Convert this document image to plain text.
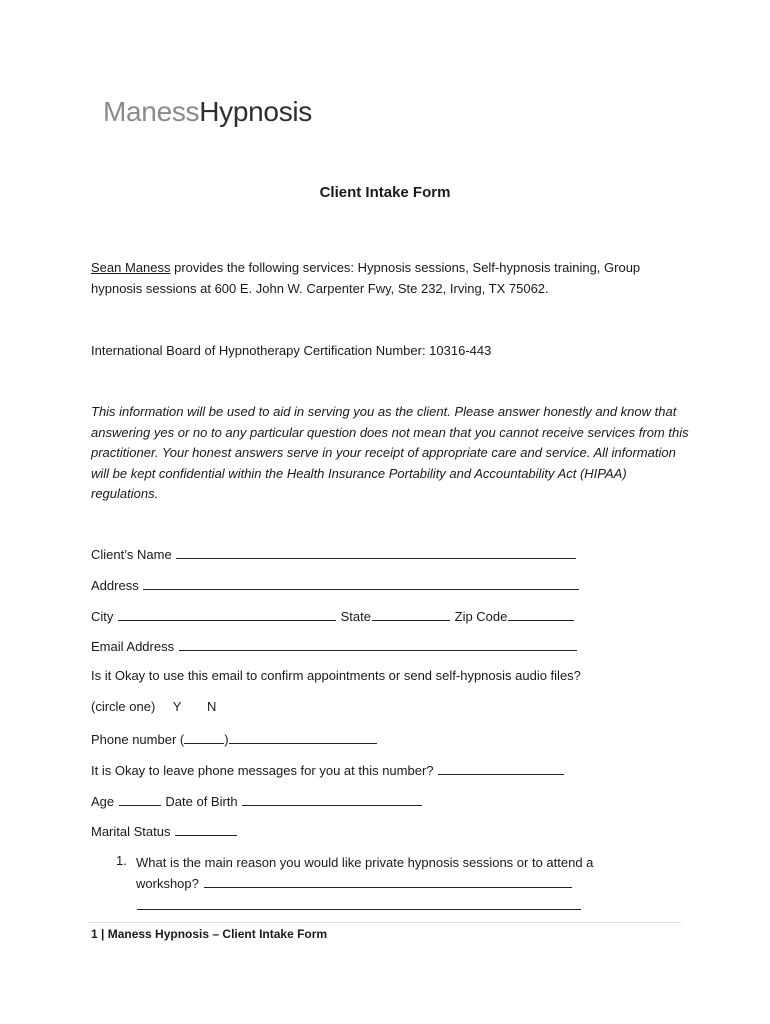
ManessHypnosis
Client Intake Form
Sean Maness provides the following services: Hypnosis sessions, Self-hypnosis training, Group hypnosis sessions at 600 E. John W. Carpenter Fwy, Ste 232, Irving, TX 75062.
International Board of Hypnotherapy Certification Number: 10316-443
This information will be used to aid in serving you as the client. Please answer honestly and know that answering yes or no to any particular question does not mean that you cannot receive services from this practitioner. Your honest answers serve in your receipt of appropriate care and service. All information will be kept confidential within the Health Insurance Portability and Accountability Act (HIPAA) regulations.
Client’s Name
Address
City	State	Zip Code
Email Address
Is it Okay to use this email to confirm appointments or send self-hypnosis audio files?
(circle one) Y N
Phone number (	)
It is Okay to leave phone messages for you at this number?
Age	Date of Birth
Marital Status
1. What is the main reason you would like private hypnosis sessions or to attend a workshop?
1 | Maness Hypnosis – Client Intake Form
